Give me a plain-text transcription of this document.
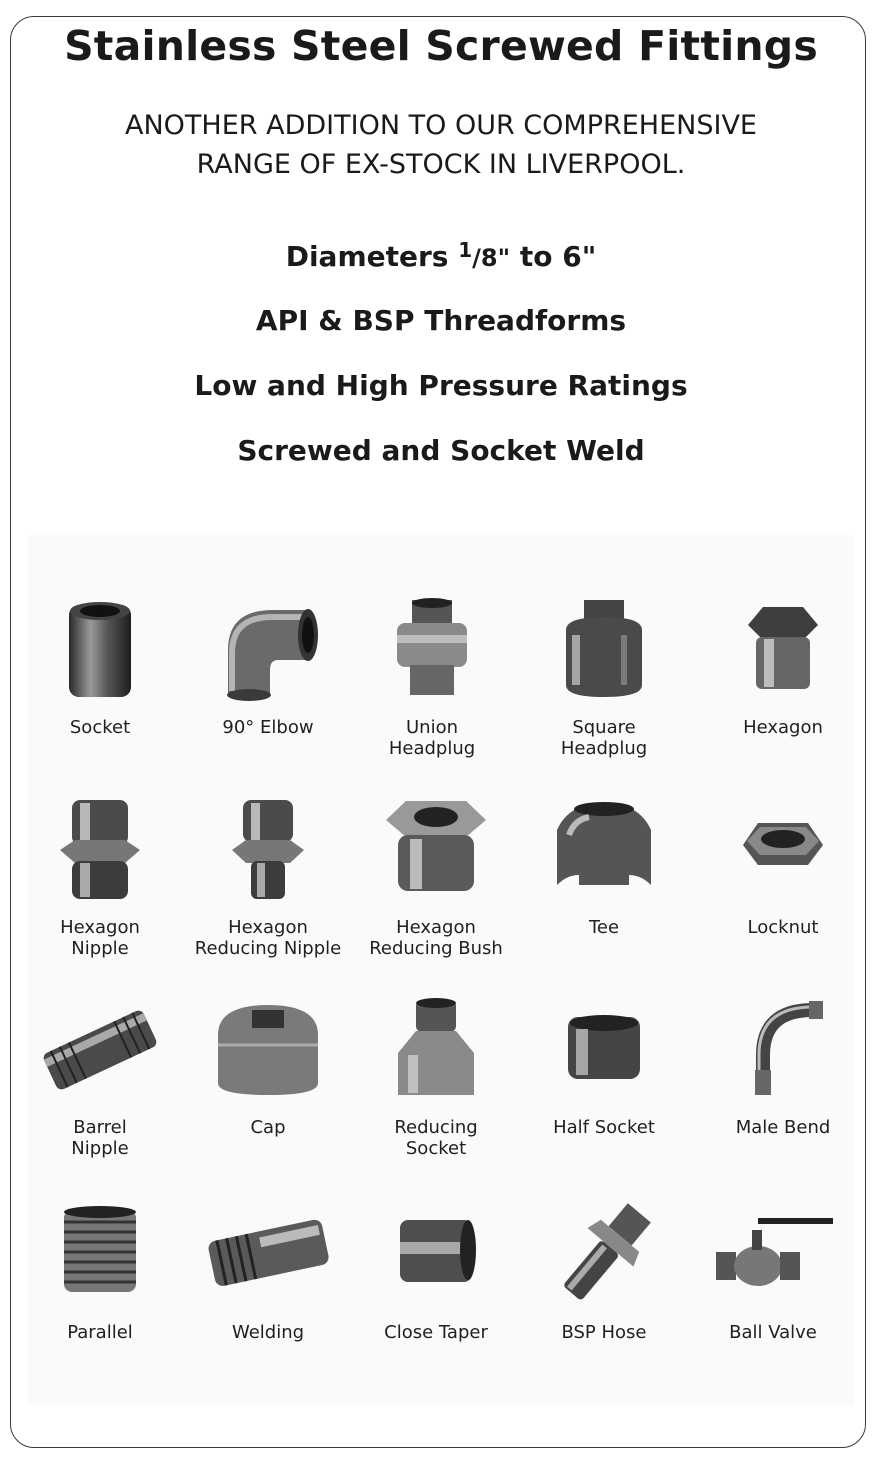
Stainless Steel Screwed Fittings
ANOTHER ADDITION TO OUR COMPREHENSIVE
RANGE OF EX-STOCK IN LIVERPOOL.
Diameters $^1$/8" to 6"
API & BSP Threadforms
Low and High Pressure Ratings
Screwed and Socket Weld
Socket	90° Elbow	Union
Headplug
Square
Headplug
Hexagon
Hexagon
Nipple
Hexagon
Reducing Nipple
Hexagon
Reducing Bush
Tee	Locknut
Barrel
Nipple
Cap	Reducing
Socket
Half Socket	Male Bend
Parallel	Welding	Close Taper	BSP Hose	Ball Valve
